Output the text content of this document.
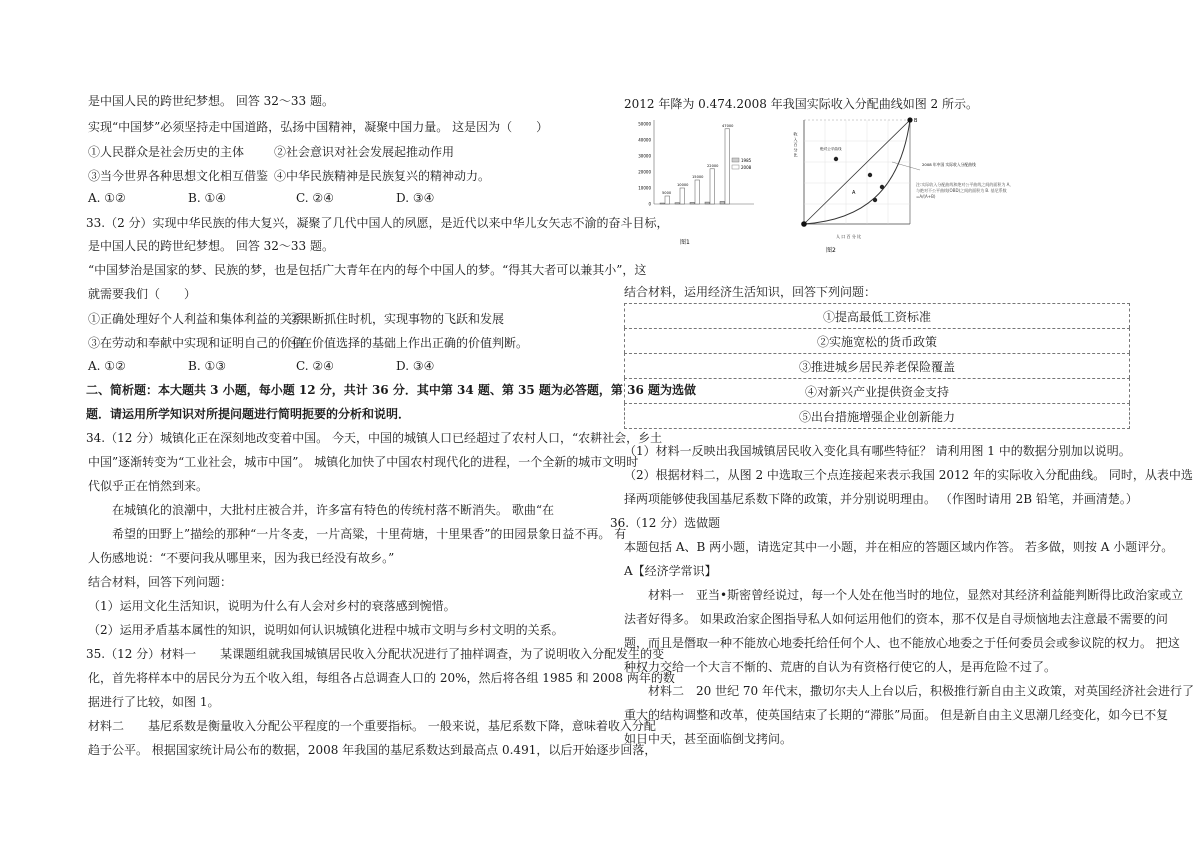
是中国人民的跨世纪梦想。 回答 32～33 题。
实现“中国梦”必须坚持走中国道路，弘扬中国精神，凝聚中国力量。 这是因为（　　）
①人民群众是社会历史的主体 ②社会意识对社会发展起推动作用
③当今世界各种思想文化相互借鉴 ④中华民族精神是民族复兴的精神动力。
A. ①②	B. ①④	C. ②④	D. ③④
33.（2 分）实现中华民族的伟大复兴，凝聚了几代中国人的夙愿，是近代以来中华儿女矢志不渝的奋斗目标，
是中国人民的跨世纪梦想。 回答 32～33 题。
“中国梦治是国家的梦、民族的梦，也是包括广大青年在内的每个中国人的梦。“得其大者可以兼其小”，这
就需要我们（　　）
①正确处理好个人利益和集体利益的关系
②果断抓住时机，实现事物的飞跃和发展
③在劳动和奉献中实现和证明自己的价值
④在价值选择的基础上作出正确的价值判断。
A. ①②	B. ①③	C. ②④	D. ③④
二、简析题：本大题共 3 小题，每小题 12 分，共计 36 分．其中第 34 题、第 35 题为必答题，第 36 题为选做
题．请运用所学知识对所提问题进行简明扼要的分析和说明．
34.（12 分）城镇化正在深刻地改变着中国。 今天，中国的城镇人口已经超过了农村人口，“农耕社会，乡土
中国”逐渐转变为“工业社会，城市中国”。 城镇化加快了中国农村现代化的进程，一个全新的城市文明时
代似乎正在悄然到来。
在城镇化的浪潮中，大批村庄被合并，许多富有特色的传统村落不断消失。 歌曲“在
希望的田野上”描绘的那种“一片冬麦，一片高粱，十里荷塘，十里果香”的田园景象日益不再。 有
人伤感地说：“不要问我从哪里来，因为我已经没有故乡。”
结合材料，回答下列问题：
（1）运用文化生活知识，说明为什么有人会对乡村的衰落感到惋惜。
（2）运用矛盾基本属性的知识，说明如何认识城镇化进程中城市文明与乡村文明的关系。
35.（12 分）材料一　　某课题组就我国城镇居民收入分配状况进行了抽样调查，为了说明收入分配发生的变
化，首先将样本中的居民分为五个收入组，每组各占总调查人口的 20%，然后将各组 1985 和 2008 两年的数
据进行了比较，如图 1。
材料二　　基尼系数是衡量收入分配公平程度的一个重要指标。 一般来说，基尼系数下降，意味着收入分配
趋于公平。 根据国家统计局公布的数据，2008 年我国的基尼系数达到最高点 0.491，以后开始逐步回落，
2012 年降为 0.474.2008 年我国实际收入分配曲线如图 2 所示。
0
10000
20000
30000
40000
50000
5000
10000
15000
22000
47000
1985
2008
图1
B
绝对公平曲线
A
收 入 百 分 比
人 口 百 分 比
2008 年中国 实际收入分配曲线
注:实际收入分配曲线和绝对公平曲线之间的面积为 A，与绝对不公平曲线(OBD)之间的面积为 B. 基尼系数=A/(A+B)
图2
结合材料，运用经济生活知识，回答下列问题：
①提高最低工资标准
②实施宽松的货币政策
③推进城乡居民养老保险覆盖
④对新兴产业提供资金支持
⑤出台措施增强企业创新能力
（1）材料一反映出我国城镇居民收入变化具有哪些特征？ 请利用图 1 中的数据分别加以说明。
（2）根据材料二，从图 2 中选取三个点连接起来表示我国 2012 年的实际收入分配曲线。 同时，从表中选
择两项能够使我国基尼系数下降的政策，并分别说明理由。 （作图时请用 2B 铅笔，并画清楚。）
36.（12 分）选做题
本题包括 A、B 两小题，请选定其中一小题，并在相应的答题区域内作答。 若多做，则按 A 小题评分。
A【经济学常识】
材料一　亚当•斯密曾经说过，每一个人处在他当时的地位，显然对其经济利益能判断得比政治家或立
法者好得多。 如果政治家企图指导私人如何运用他们的资本，那不仅是自寻烦恼地去注意最不需要的问
题，而且是僭取一种不能放心地委托给任何个人、也不能放心地委之于任何委员会或参议院的权力。 把这
种权力交给一个大言不惭的、荒唐的自认为有资格行使它的人，是再危险不过了。
材料二　20 世纪 70 年代末，撒切尔夫人上台以后，积极推行新自由主义政策，对英国经济社会进行了
重大的结构调整和改革，使英国结束了长期的“滞胀”局面。 但是新自由主义思潮几经变化，如今已不复
如日中天，甚至面临倒戈拷问。
